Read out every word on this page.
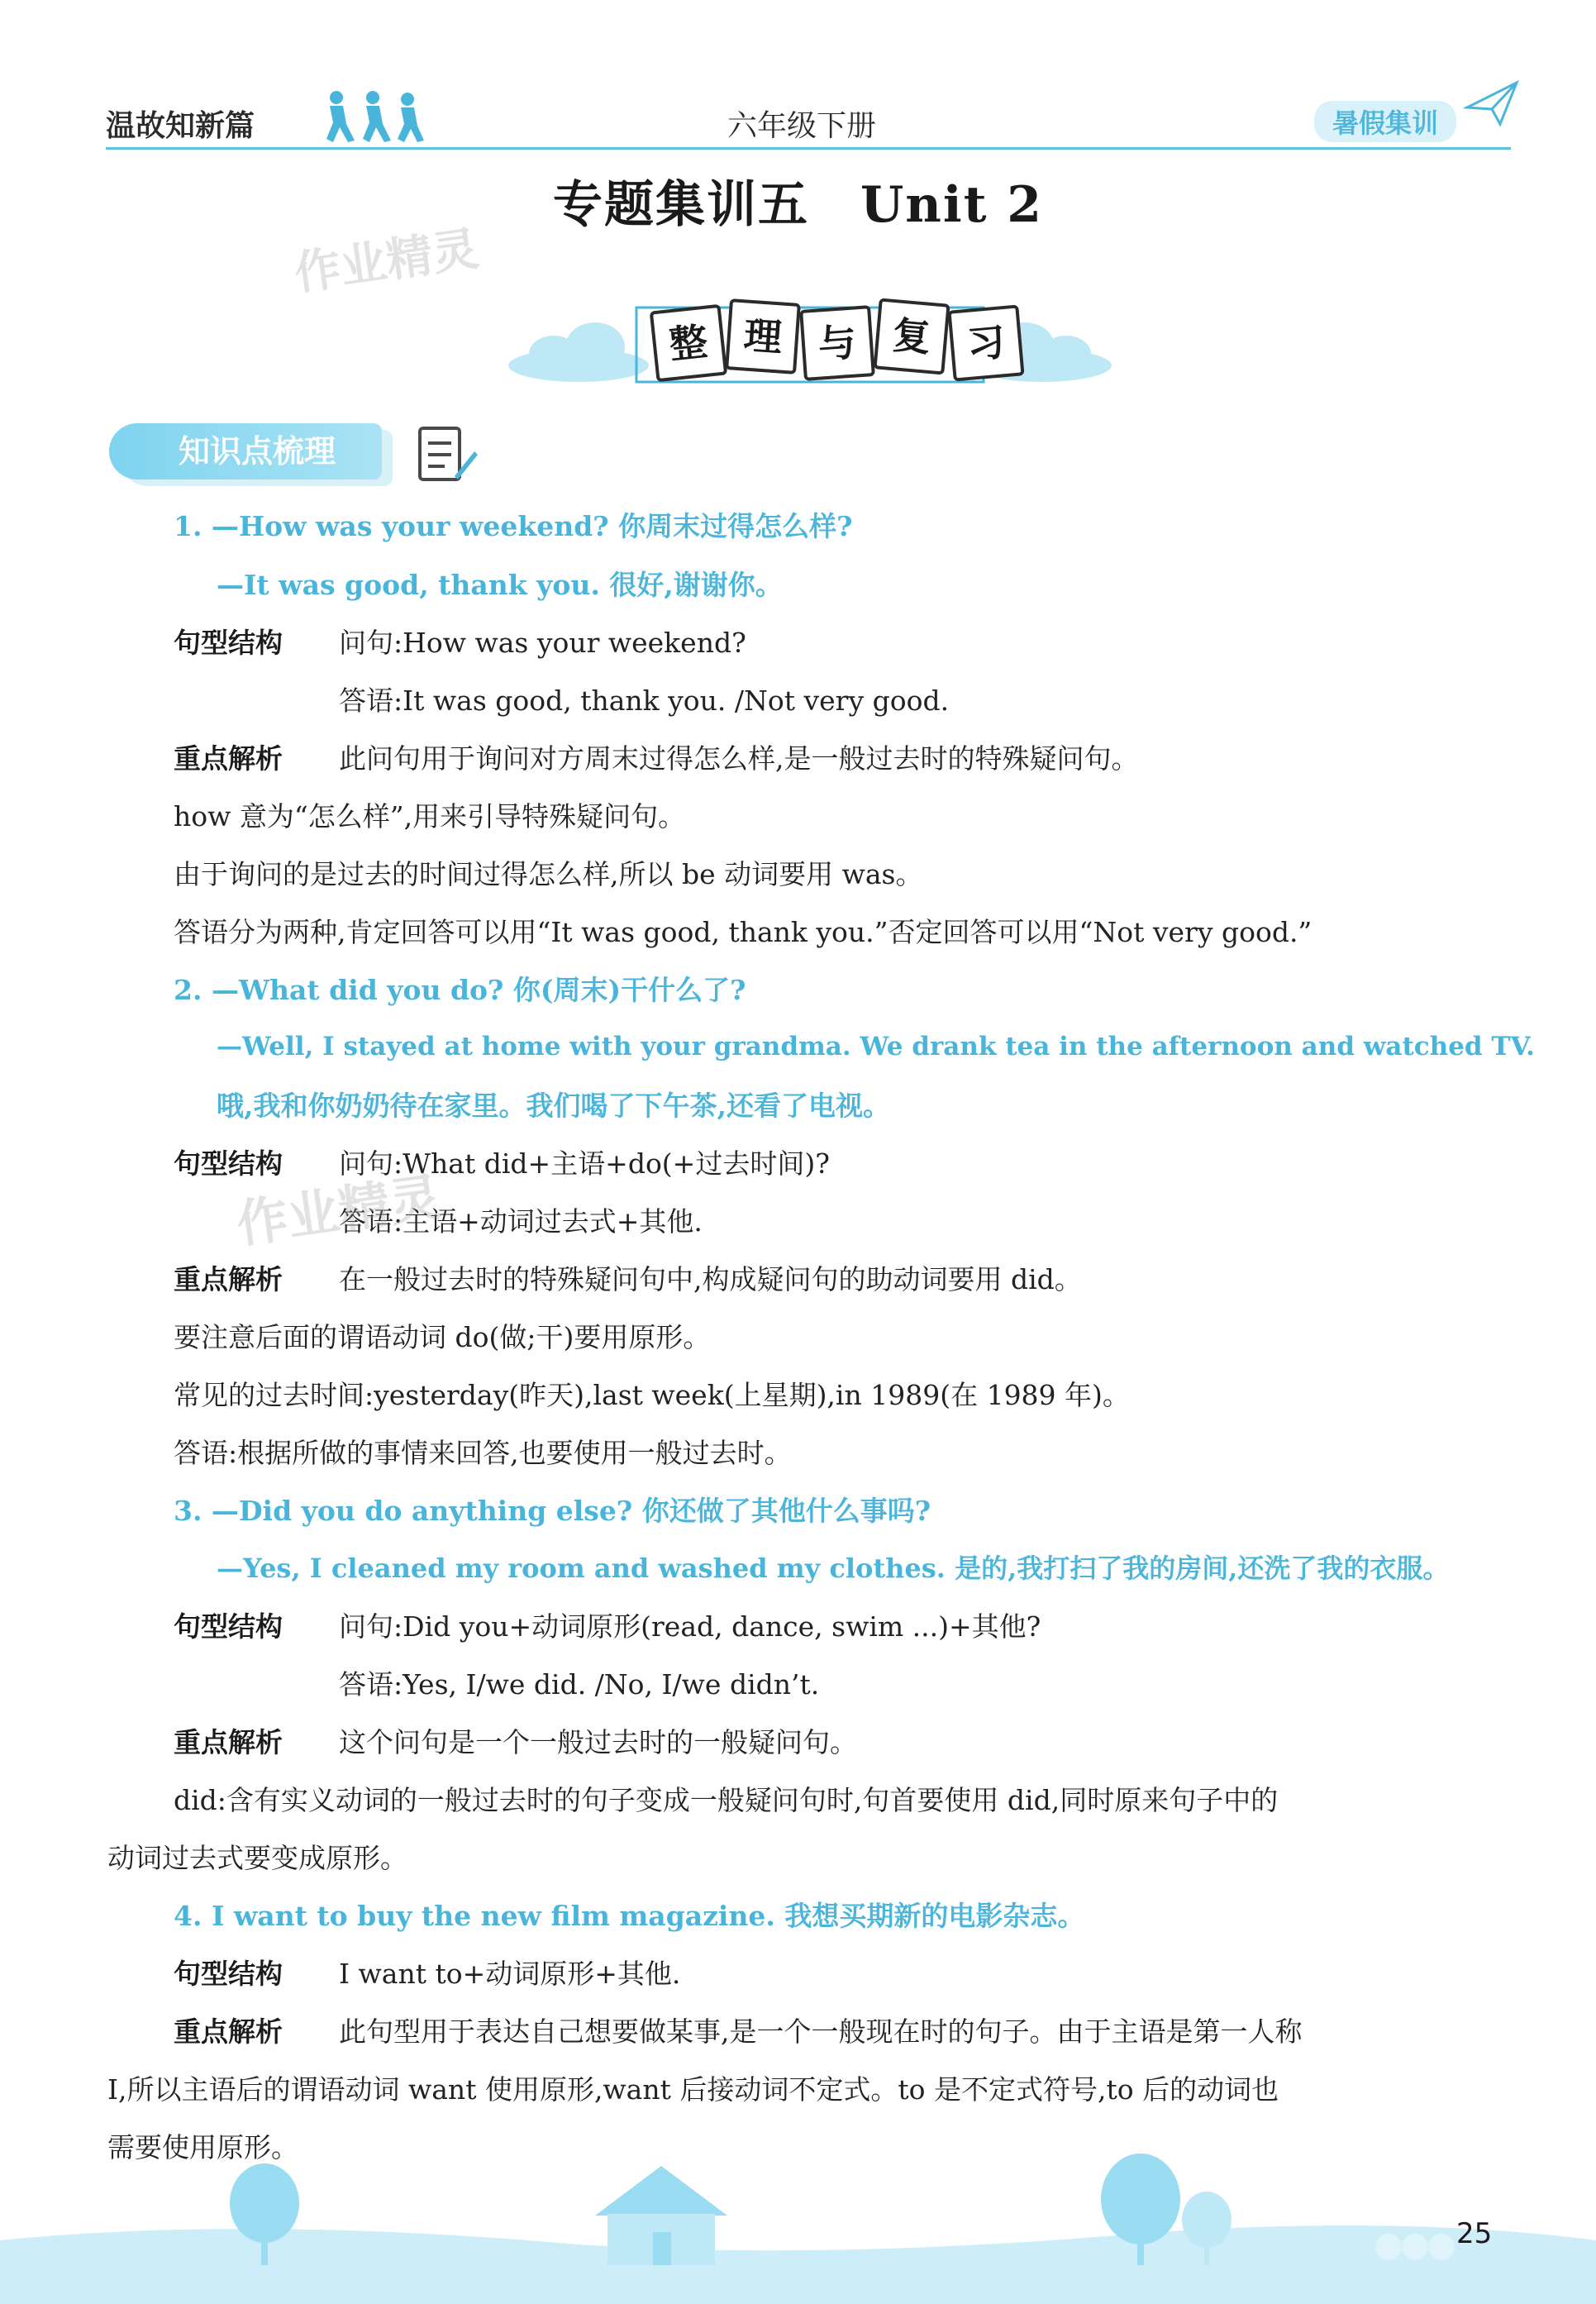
温故知新篇	六年级下册	暑假集训
专题集训五　Unit 2
作业精灵
整 理 与 复 习
知识点梳理
1. —How was your weekend? 你周末过得怎么样?
—It was good, thank you. 很好,谢谢你。
句型结构 问句:How was your weekend?
答语:It was good, thank you. /Not very good.
重点解析 此问句用于询问对方周末过得怎么样,是一般过去时的特殊疑问句。
how 意为“怎么样”,用来引导特殊疑问句。
由于询问的是过去的时间过得怎么样,所以 be 动词要用 was。
答语分为两种,肯定回答可以用“It was good, thank you.”否定回答可以用“Not very good.”
2. —What did you do? 你(周末)干什么了?
—Well, I stayed at home with your grandma. We drank tea in the afternoon and watched TV.
哦,我和你奶奶待在家里。我们喝了下午茶,还看了电视。
句型结构 问句:What did+主语+do(+过去时间)?
答语:主语+动词过去式+其他.
作业精灵
重点解析 在一般过去时的特殊疑问句中,构成疑问句的助动词要用 did。
要注意后面的谓语动词 do(做;干)要用原形。
常见的过去时间:yesterday(昨天),last week(上星期),in 1989(在 1989 年)。
答语:根据所做的事情来回答,也要使用一般过去时。
3. —Did you do anything else? 你还做了其他什么事吗?
—Yes, I cleaned my room and washed my clothes. 是的,我打扫了我的房间,还洗了我的衣服。
句型结构 问句:Did you+动词原形(read, dance, swim ...)+其他?
答语:Yes, I/we did. /No, I/we didn’t.
重点解析 这个问句是一个一般过去时的一般疑问句。
did:含有实义动词的一般过去时的句子变成一般疑问句时,句首要使用 did,同时原来句子中的
动词过去式要变成原形。
4. I want to buy the new film magazine. 我想买期新的电影杂志。
句型结构 I want to+动词原形+其他.
重点解析 此句型用于表达自己想要做某事,是一个一般现在时的句子。由于主语是第一人称
I,所以主语后的谓语动词 want 使用原形,want 后接动词不定式。to 是不定式符号,to 后的动词也
需要使用原形。
25
